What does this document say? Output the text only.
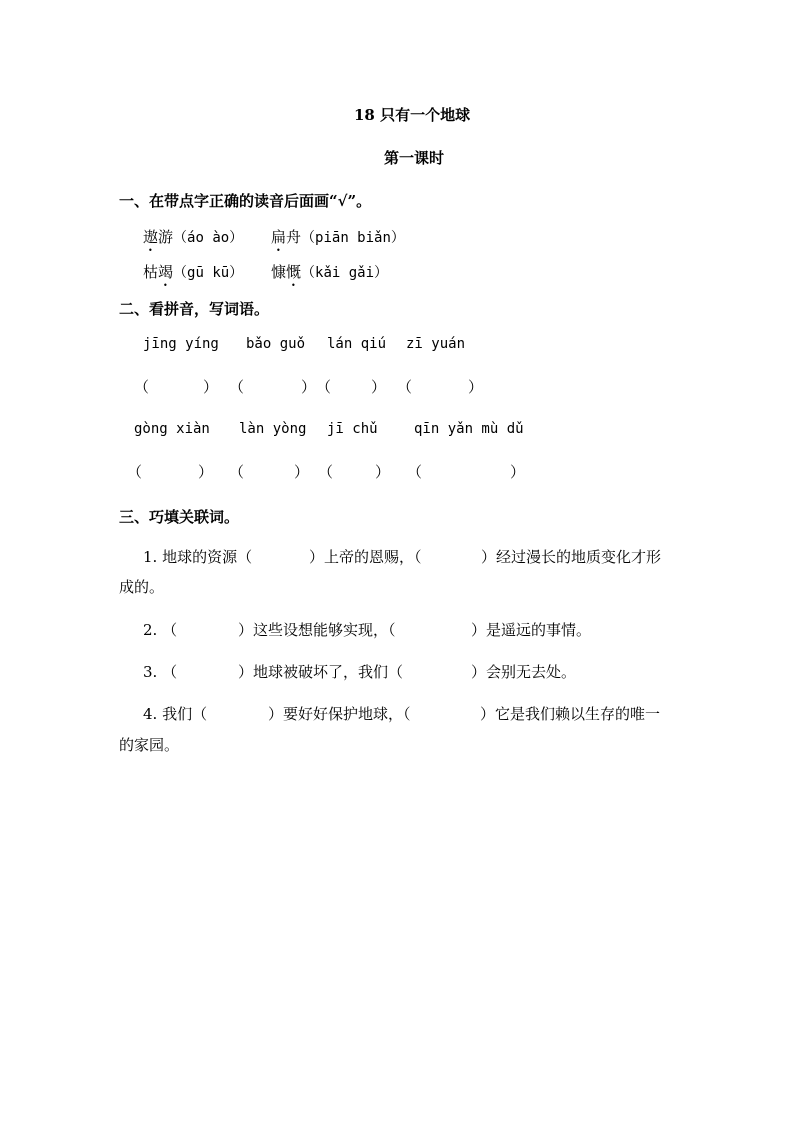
18 只有一个地球
第一课时
一、在带点字正确的读音后面画“√”。
遨游（áo ào） 扁舟（piān biǎn）
枯竭（gū kū） 慷慨（kǎi gǎi）
二、看拼音，写词语。
jīng yíng bǎo guǒ lán qiú zī yuán
（	） （	） （	） （	）
gòng xiàn làn yòng jī chǔ	qīn yǎn mù dǔ
（	） （	） （	） （	）
三、巧填关联词。
1. 地球的资源（	）上帝的恩赐，（	）经过漫长的地质变化才形
成的。
2. （	）这些设想能够实现，（	）是遥远的事情。
3. （	）地球被破坏了，我们（	）会别无去处。
4. 我们（	）要好好保护地球，（	）它是我们赖以生存的唯一
的家园。
